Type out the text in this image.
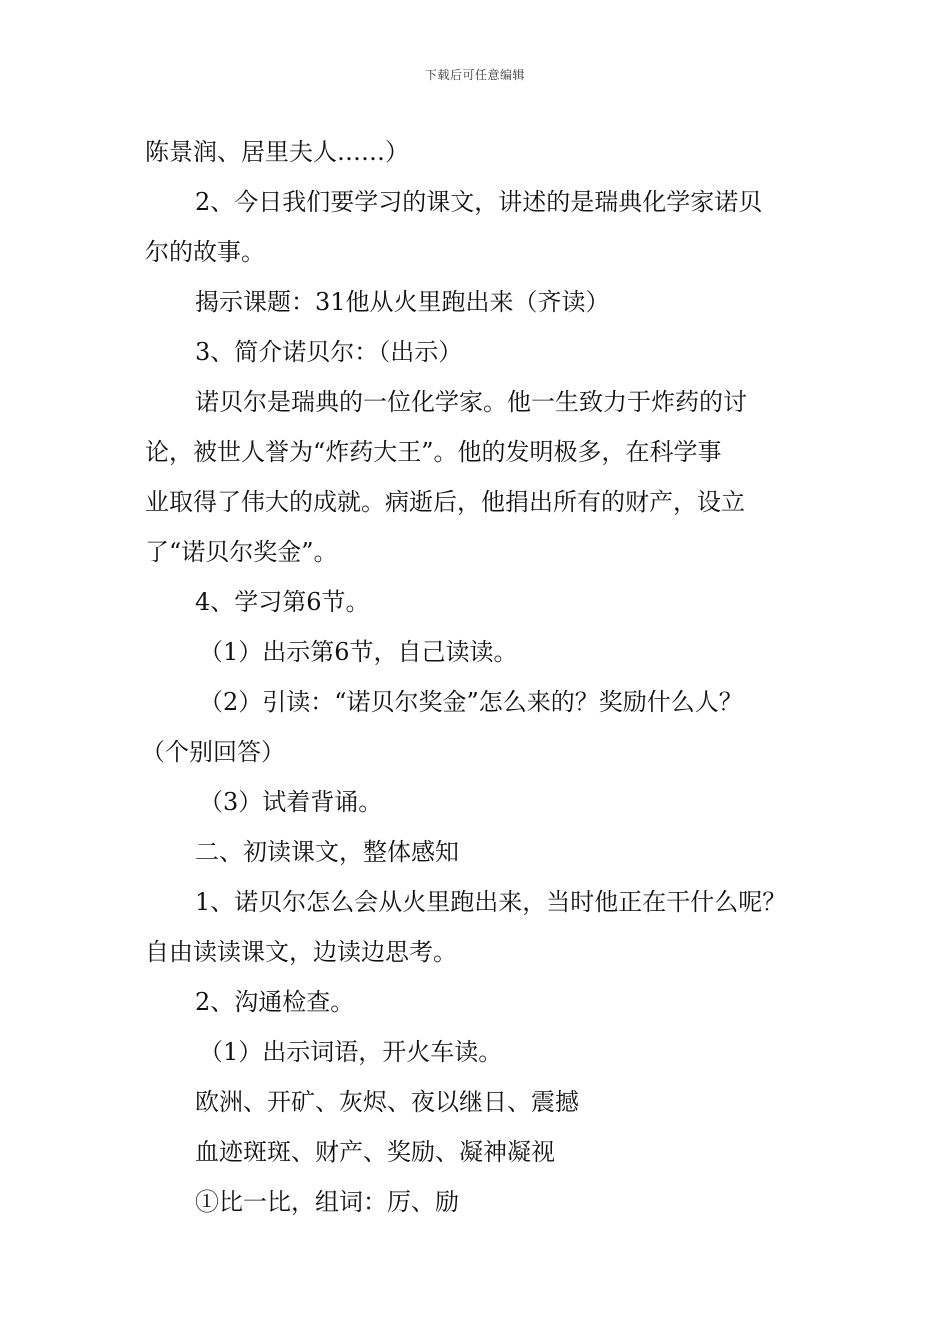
下载后可任意编辑
陈景润、居里夫人……）
2、今日我们要学习的课文，讲述的是瑞典化学家诺贝
尔的故事。
揭示课题：31他从火里跑出来（齐读）
3、简介诺贝尔：（出示）
诺贝尔是瑞典的一位化学家。他一生致力于炸药的讨
论，被世人誉为“炸药大王”。他的发明极多，在科学事
业取得了伟大的成就。病逝后，他捐出所有的财产，设立
了“诺贝尔奖金”。
4、学习第6节。
（1）出示第6节，自己读读。
（2）引读：“诺贝尔奖金”怎么来的？奖励什么人？
（个别回答）
（3）试着背诵。
二、初读课文，整体感知
1、诺贝尔怎么会从火里跑出来，当时他正在干什么呢？
自由读读课文，边读边思考。
2、沟通检查。
（1）出示词语，开火车读。
欧洲、开矿、灰烬、夜以继日、震撼
血迹斑斑、财产、奖励、凝神凝视
①比一比，组词：厉、励
